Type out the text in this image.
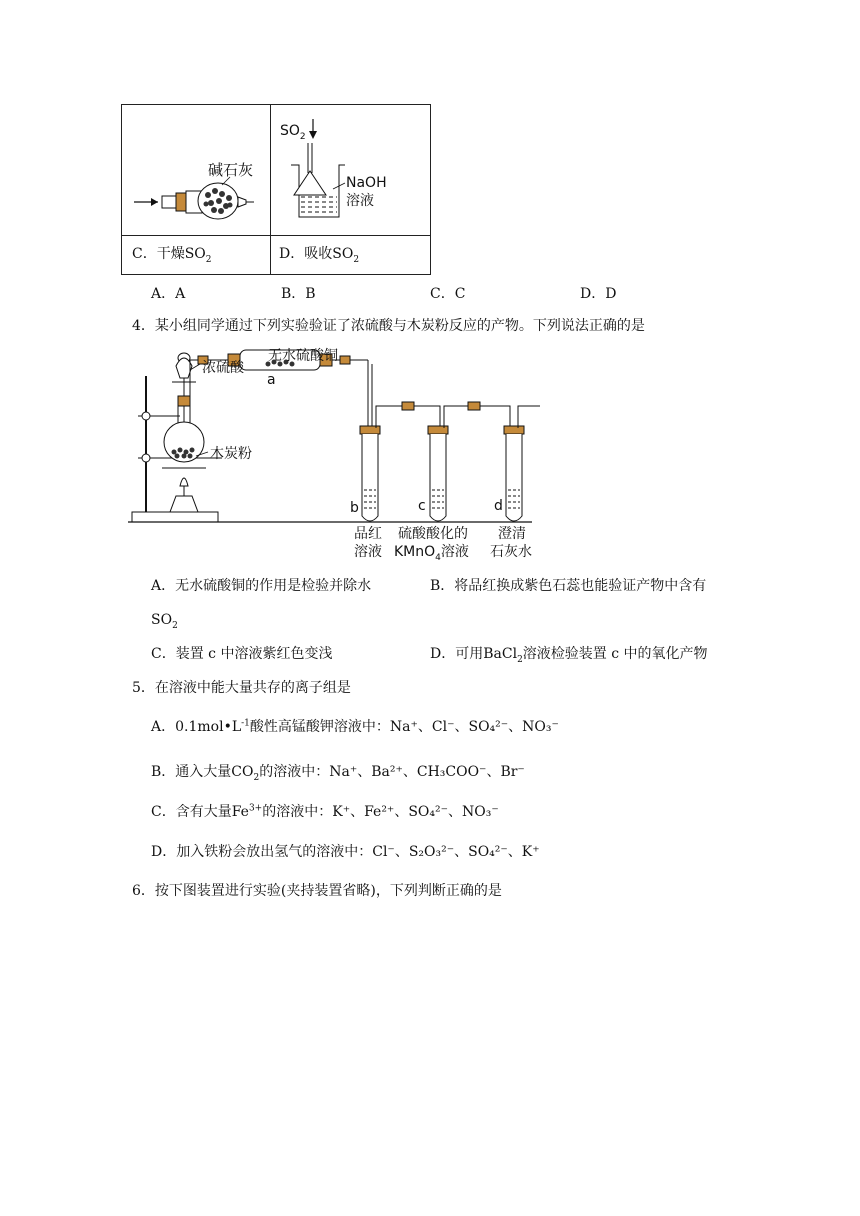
碱石灰
$SO_2$
NaOH
溶液
C．干燥$SO_2$	D．吸收$SO_2$
A．A	B．B	C．C	D．D
4．某小组同学通过下列实验验证了浓硫酸与木炭粉反应的产物。下列说法正确的是
浓硫酸
无水硫酸铜
a
木炭粉
b	c	d
品红
溶液
硫酸酸化的
KMnO$_4$溶液
澄清
石灰水
A．无水硫酸铜的作用是检验并除水	B．将品红换成紫色石蕊也能验证产物中含有
$SO_2$
C．装置 c 中溶液紫红色变浅	D．可用BaCl$_2$溶液检验装置 c 中的氧化产物
5．在溶液中能大量共存的离子组是
A．$0.1mol•L^{-1}$酸性高锰酸钾溶液中：Na⁺、Cl⁻、SO₄²⁻、NO₃⁻
B．通入大量$CO_2$的溶液中：Na⁺、Ba²⁺、CH₃COO⁻、Br⁻
C．含有大量$Fe^{3+}$的溶液中：K⁺、Fe²⁺、SO₄²⁻、NO₃⁻
D．加入铁粉会放出氢气的溶液中：Cl⁻、S₂O₃²⁻、SO₄²⁻、K⁺
6．按下图装置进行实验(夹持装置省略)，下列判断正确的是
